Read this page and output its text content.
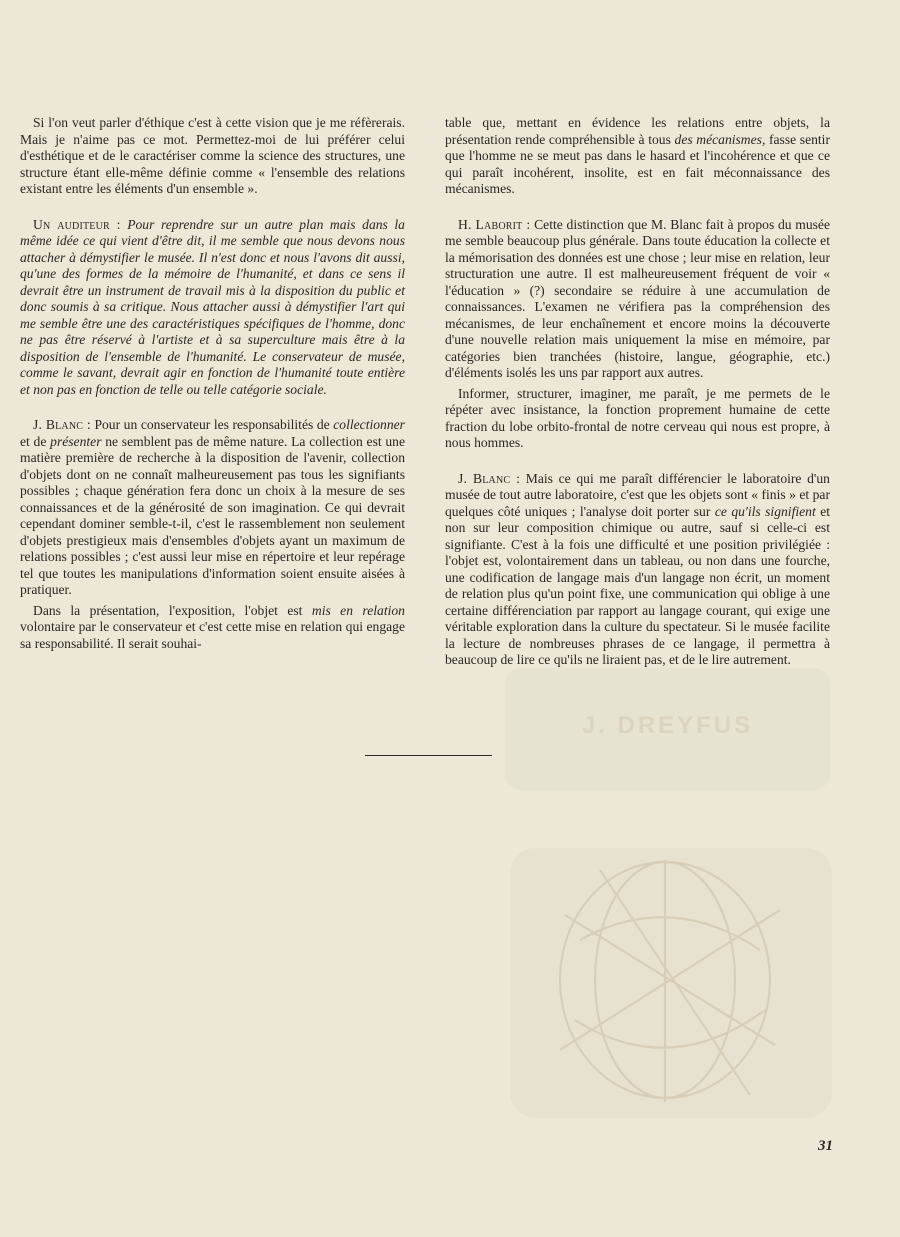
Si l'on veut parler d'éthique c'est à cette vision que je me réfèrerais. Mais je n'aime pas ce mot. Permettez-moi de lui préférer celui d'esthétique et de le caractériser comme la science des structures, une structure étant elle-même définie comme « l'ensemble des relations existant entre les éléments d'un ensemble ».

Un auditeur : Pour reprendre sur un autre plan mais dans la même idée ce qui vient d'être dit, il me semble que nous devons nous attacher à démystifier le musée. Il n'est donc et nous l'avons dit aussi, qu'une des formes de la mémoire de l'humanité, et dans ce sens il devrait être un instrument de travail mis à la disposition du public et donc soumis à sa critique. Nous attacher aussi à démystifier l'art qui me semble être une des caractéristiques spécifiques de l'homme, donc ne pas être réservé à l'artiste et à sa superculture mais être à la disposition de l'ensemble de l'humanité. Le conservateur de musée, comme le savant, devrait agir en fonction de l'humanité toute entière et non pas en fonction de telle ou telle catégorie sociale.

J. Blanc : Pour un conservateur les responsabilités de collectionner et de présenter ne semblent pas de même nature. La collection est une matière première de recherche à la disposition de l'avenir, collection d'objets dont on ne connaît malheureusement pas tous les signifiants possibles ; chaque génération fera donc un choix à la mesure de ses connaissances et de la générosité de son imagination. Ce qui devrait cependant dominer semble-t-il, c'est le rassemblement non seulement d'objets prestigieux mais d'ensembles d'objets ayant un maximum de relations possibles ; c'est aussi leur mise en répertoire et leur repérage tel que toutes les manipulations d'information soient ensuite aisées à pratiquer.

Dans la présentation, l'exposition, l'objet est mis en relation volontaire par le conservateur et c'est cette mise en relation qui engage sa responsabilité. Il serait souhai-

table que, mettant en évidence les relations entre objets, la présentation rende compréhensible à tous des mécanismes, fasse sentir que l'homme ne se meut pas dans le hasard et l'incohérence et que ce qui paraît incohérent, insolite, est en fait méconnaissance des mécanismes.

H. Laborit : Cette distinction que M. Blanc fait à propos du musée me semble beaucoup plus générale. Dans toute éducation la collecte et la mémorisation des données est une chose ; leur mise en relation, leur structuration une autre. Il est malheureusement fréquent de voir « l'éducation » (?) secondaire se réduire à une accumulation de connaissances. L'examen ne vérifiera pas la compréhension des mécanismes, de leur enchaînement et encore moins la découverte d'une nouvelle relation mais uniquement la mise en mémoire, par catégories bien tranchées (histoire, langue, géographie, etc.) d'éléments isolés les uns par rapport aux autres.

Informer, structurer, imaginer, me paraît, je me permets de le répéter avec insistance, la fonction proprement humaine de cette fraction du lobe orbito-frontal de notre cerveau qui nous est propre, à nous hommes.

J. Blanc : Mais ce qui me paraît différencier le laboratoire d'un musée de tout autre laboratoire, c'est que les objets sont « finis » et par quelques côté uniques ; l'analyse doit porter sur ce qu'ils signifient et non sur leur composition chimique ou autre, sauf si celle-ci est signifiante. C'est à la fois une difficulté et une position privilégiée : l'objet est, volontairement dans un tableau, ou non dans une fourche, une codification de langage mais d'un langage non écrit, un moment de relation plus qu'un point fixe, une communication qui oblige à une certaine différenciation par rapport au langage courant, qui exige une véritable exploration dans la culture du spectateur. Si le musée facilite la lecture de nombreuses phrases de ce langage, il permettra à beaucoup de lire ce qu'ils ne liraient pas, et de le lire autrement.

J. DREYFUS
31
